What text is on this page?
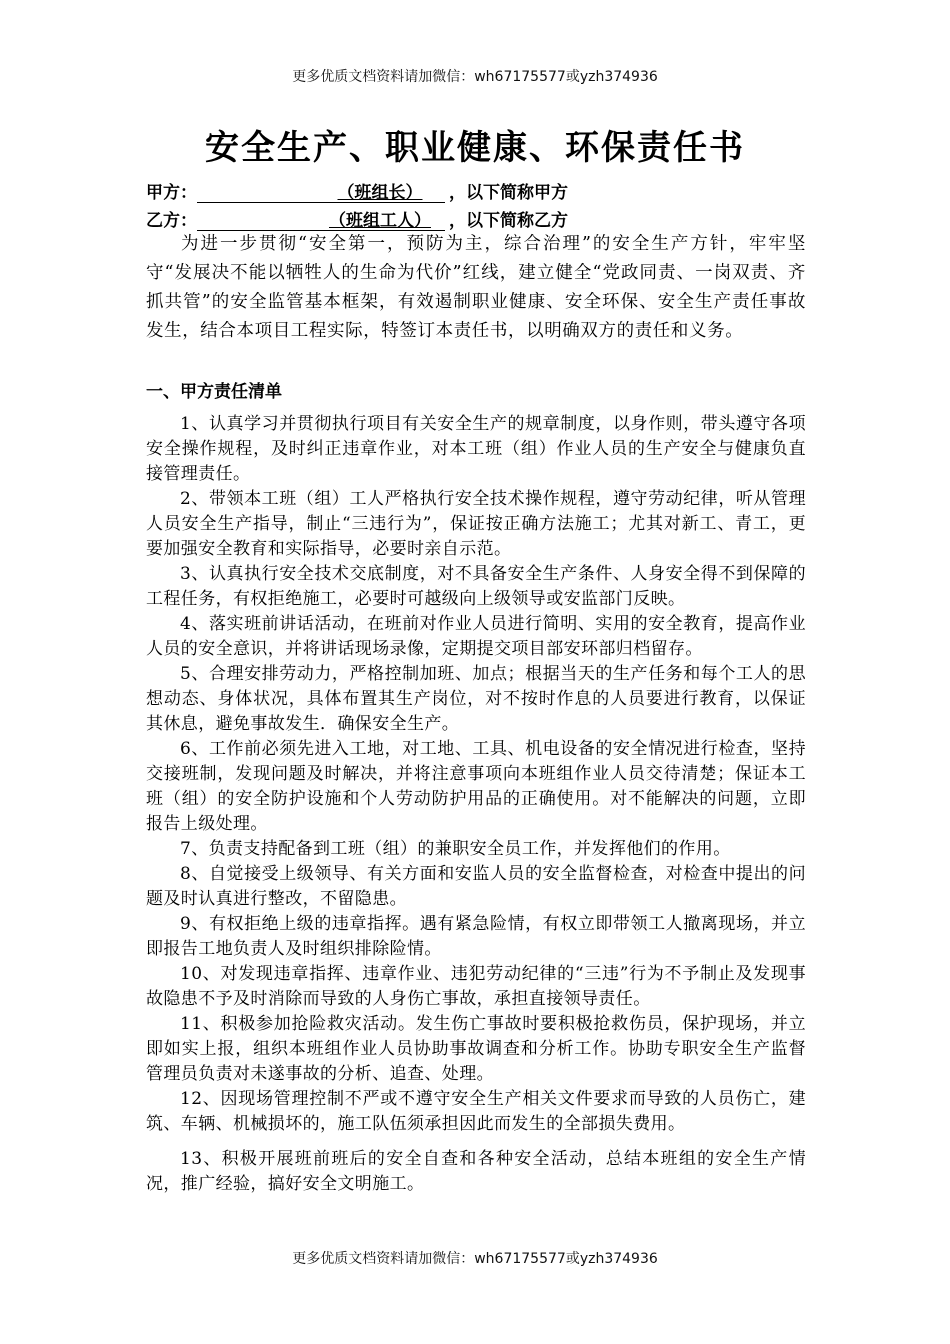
更多优质文档资料请加微信：wh67175577或yzh374936
安全生产、职业健康、环保责任书
甲方：	（班组长） ，以下简称甲方
乙方：	（班组工人） ，以下简称乙方

为进一步贯彻“安全第一，预防为主，综合治理”的安全生产方针，牢牢坚守“发展决不能以牺牲人的生命为代价”红线，建立健全“党政同责、一岗双责、齐抓共管”的安全监管基本框架，有效遏制职业健康、安全环保、安全生产责任事故发生，结合本项目工程实际，特签订本责任书，以明确双方的责任和义务。

一、甲方责任清单

1、认真学习并贯彻执行项目有关安全生产的规章制度，以身作则，带头遵守各项安全操作规程，及时纠正违章作业，对本工班（组）作业人员的生产安全与健康负直接管理责任。

2、带领本工班（组）工人严格执行安全技术操作规程，遵守劳动纪律，听从管理人员安全生产指导，制止“三违行为”，保证按正确方法施工；尤其对新工、青工，更要加强安全教育和实际指导，必要时亲自示范。

3、认真执行安全技术交底制度，对不具备安全生产条件、人身安全得不到保障的工程任务，有权拒绝施工，必要时可越级向上级领导或安监部门反映。

4、落实班前讲话活动，在班前对作业人员进行简明、实用的安全教育，提高作业人员的安全意识，并将讲话现场录像，定期提交项目部安环部归档留存。

5、合理安排劳动力，严格控制加班、加点；根据当天的生产任务和每个工人的思想动态、身体状况，具体布置其生产岗位，对不按时作息的人员要进行教育，以保证其休息，避免事故发生．确保安全生产。

6、工作前必须先进入工地，对工地、工具、机电设备的安全情况进行检查，坚持交接班制，发现问题及时解决，并将注意事项向本班组作业人员交待清楚；保证本工班（组）的安全防护设施和个人劳动防护用品的正确使用。对不能解决的问题，立即报告上级处理。

7、负责支持配备到工班（组）的兼职安全员工作，并发挥他们的作用。

8、自觉接受上级领导、有关方面和安监人员的安全监督检查，对检查中提出的问题及时认真进行整改，不留隐患。

9、有权拒绝上级的违章指挥。遇有紧急险情，有权立即带领工人撤离现场，并立即报告工地负责人及时组织排除险情。

10、对发现违章指挥、违章作业、违犯劳动纪律的“三违”行为不予制止及发现事故隐患不予及时消除而导致的人身伤亡事故，承担直接领导责任。

11、积极参加抢险救灾活动。发生伤亡事故时要积极抢救伤员，保护现场，并立即如实上报，组织本班组作业人员协助事故调查和分析工作。协助专职安全生产监督管理员负责对未遂事故的分析、追查、处理。

12、因现场管理控制不严或不遵守安全生产相关文件要求而导致的人员伤亡，建筑、车辆、机械损坏的，施工队伍须承担因此而发生的全部损失费用。

13、积极开展班前班后的安全自查和各种安全活动，总结本班组的安全生产情况，推广经验，搞好安全文明施工。

更多优质文档资料请加微信：wh67175577或yzh374936
